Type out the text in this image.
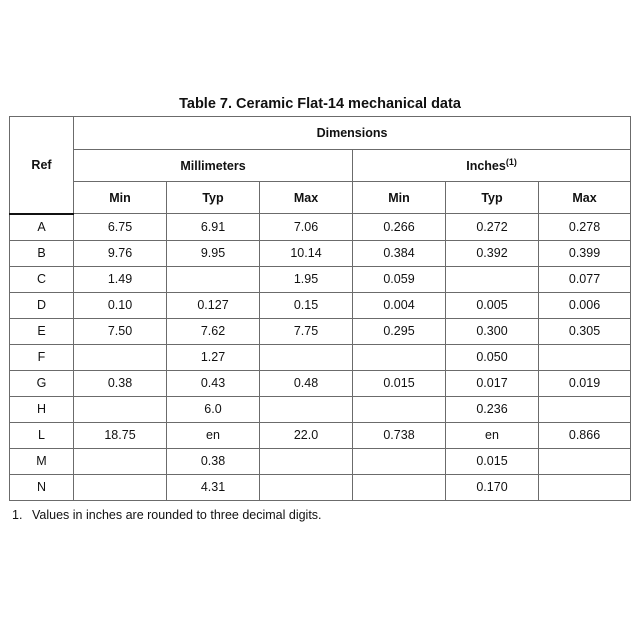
Table 7. Ceramic Flat-14 mechanical data
Ref	Dimensions					
	Millimeters			Inches$^{(1)}$
	Min	Typ	Max	Min	Typ	Max
A	6.75	6.91	7.06	0.266	0.272	0.278
B	9.76	9.95	10.14	0.384	0.392	0.399
C	1.49		1.95	0.059		0.077
D	0.10	0.127	0.15	0.004	0.005	0.006
E	7.50	7.62	7.75	0.295	0.300	0.305
F		1.27			0.050	
G	0.38	0.43	0.48	0.015	0.017	0.019
H		6.0			0.236	
L	18.75	en	22.0	0.738	en	0.866
M		0.38			0.015	
N		4.31			0.170	
1. Values in inches are rounded to three decimal digits.
